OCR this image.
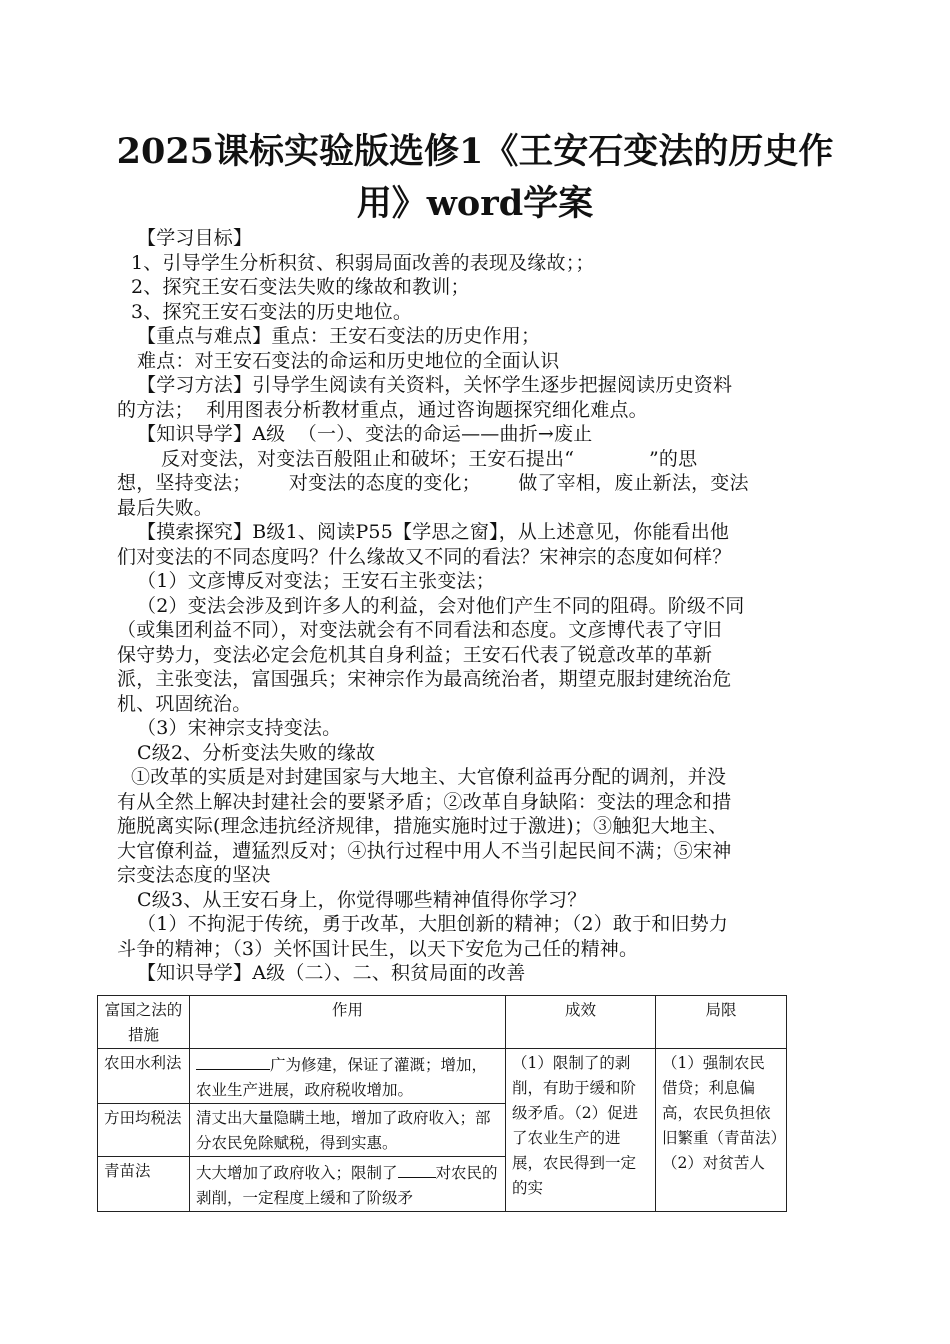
2025课标实验版选修1《王安石变法的历史作
用》word学案

【学习目标】

1、引导学生分析积贫、积弱局面改善的表现及缘故；；

2、探究王安石变法失败的缘故和教训；

3、探究王安石变法的历史地位。

【重点与难点】重点：王安石变法的历史作用；

难点：对王安石变法的命运和历史地位的全面认识

【学习方法】引导学生阅读有关资料，关怀学生逐步把握阅读历史资料

的方法；  利用图表分析教材重点，通过咨询题探究细化难点。

【知识导学】A级  （一）、变法的命运——曲折→废止

反对变法，对变法百般阻止和破坏；王安石提出“            ”的思

想，坚持变法；      对变法的态度的变化；      做了宰相，废止新法，变法

最后失败。

【摸索探究】B级1、阅读P55【学思之窗】，从上述意见，你能看出他

们对变法的不同态度吗？什么缘故又不同的看法？宋神宗的态度如何样？

（1）文彦博反对变法；王安石主张变法；

（2）变法会涉及到许多人的利益，会对他们产生不同的阻碍。阶级不同

（或集团利益不同），对变法就会有不同看法和态度。文彦博代表了守旧

保守势力，变法必定会危机其自身利益；王安石代表了锐意改革的革新

派，主张变法，富国强兵；宋神宗作为最高统治者，期望克服封建统治危

机、巩固统治。

（3）宋神宗支持变法。

C级2、分析变法失败的缘故

①改革的实质是对封建国家与大地主、大官僚利益再分配的调剂，并没

有从全然上解决封建社会的要紧矛盾；②改革自身缺陷：变法的理念和措

施脱离实际(理念违抗经济规律，措施实施时过于激进)；③触犯大地主、

大官僚利益，遭猛烈反对；④执行过程中用人不当引起民间不满；⑤宋神

宗变法态度的坚决

C级3、从王安石身上，你觉得哪些精神值得你学习？

（1）不拘泥于传统，勇于改革，大胆创新的精神；（2）敢于和旧势力

斗争的精神；（3）关怀国计民生，以天下安危为己任的精神。

【知识导学】A级（二）、二、积贫局面的改善

富国之法的措施	作用	成效	局限
农田水利法	广为修建，保证了灌溉；增加，农业生产进展，政府税收增加。	（1）限制了的剥削，有助于缓和阶级矛盾。（2）促进了农业生产的进展，农民得到一定的实	（1）强制农民借贷；利息偏高，农民负担依旧繁重（青苗法）（2）对贫苦人
方田均税法	清丈出大量隐瞒土地，增加了政府收入；部分农民免除赋税，得到实惠。		
青苗法	大大增加了政府收入；限制了 对农民的剥削，一定程度上缓和了阶级矛		
